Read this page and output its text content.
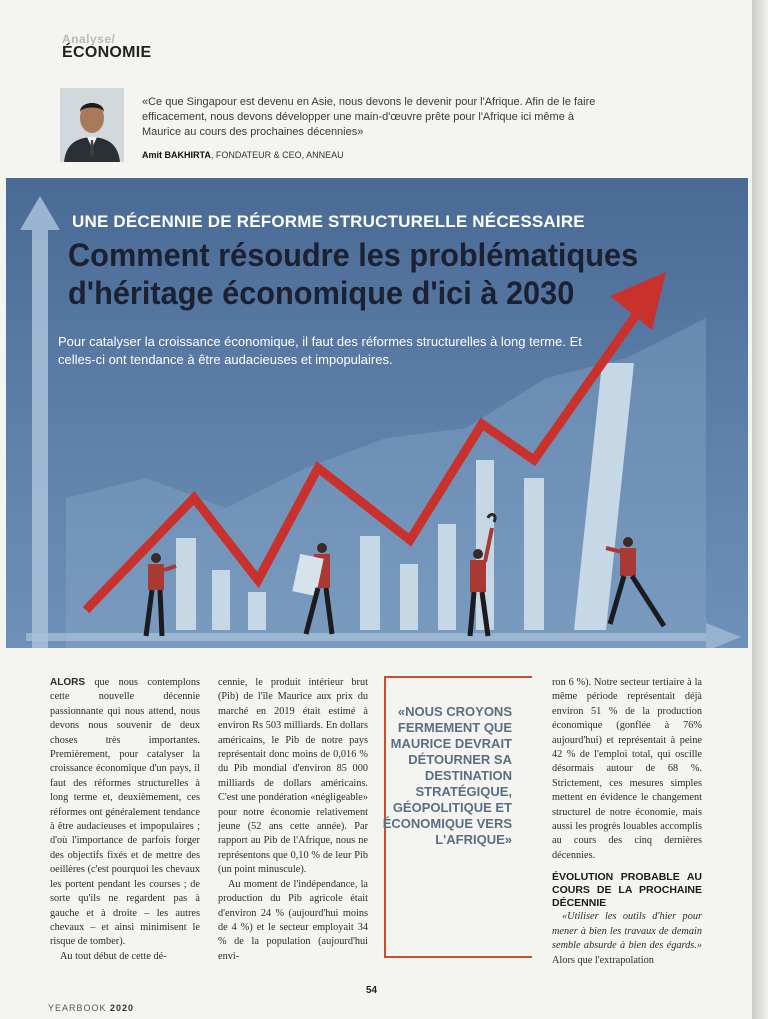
Analyse/
ÉCONOMIE
«Ce que Singapour est devenu en Asie, nous devons le devenir pour l'Afrique. Afin de le faire efficacement, nous devons développer une main-d'œuvre prête pour l'Afrique ici même à Maurice au cours des prochaines décennies»
Amit BAKHIRTA, FONDATEUR & CEO, ANNEAU
UNE DÉCENNIE DE RÉFORME STRUCTURELLE NÉCESSAIRE
Comment résoudre les problématiques d'héritage économique d'ici à 2030
Pour catalyser la croissance économique, il faut des réformes structurelles à long terme. Et celles-ci ont tendance à être audacieuses et impopulaires.

ALORS que nous contemplons cette nouvelle décennie passionnante qui nous attend, nous devons nous souvenir de deux choses très importantes. Premièrement, pour catalyser la croissance économique d'un pays, il faut des réformes structurelles à long terme et, deuxièmement, ces réformes ont généralement tendance à être audacieuses et impopulaires ; d'où l'importance de parfois forger des objectifs fixés et de mettre des oeillères (c'est pourquoi les chevaux les portent pendant les courses ; de sorte qu'ils ne regardent pas à gauche et à droite – les autres chevaux – et ainsi minimisent le risque de tomber).

Au tout début de cette dé-

cennie, le produit intérieur brut (Pib) de l'île Maurice aux prix du marché en 2019 était estimé à environ Rs 503 milliards. En dollars américains, le Pib de notre pays représentait donc moins de 0,016 % du Pib mondial d'environ 85 000 milliards de dollars américains. C'est une pondération «négligeable» pour notre économie relativement jeune (52 ans cette année). Par rapport au Pib de l'Afrique, nous ne représentons que 0,10 % de leur Pib (un point minuscule).

Au moment de l'indépendance, la production du Pib agricole était d'environ 24 % (aujourd'hui moins de 4 %) et le secteur employait 34 % de la population (aujourd'hui envi-

«NOUS CROYONS FERMEMENT QUE MAURICE DEVRAIT DÉTOURNER SA DESTINATION STRATÉGIQUE, GÉOPOLITIQUE ET ÉCONOMIQUE VERS L'AFRIQUE»

ron 6 %). Notre secteur tertiaire à la même période représentait déjà environ 51 % de la production économique (gonflée à 76% aujourd'hui) et représentait à peine 42 % de l'emploi total, qui oscille désormais autour de 68 %. Strictement, ces mesures simples mettent en évidence le changement structurel de notre économie, mais aussi les progrès louables accomplis au cours des cinq dernières décennies.

ÉVOLUTION PROBABLE AU COURS DE LA PROCHAINE DÉCENNIE

«Utiliser les outils d'hier pour mener à bien les travaux de demain semble absurde à bien des égards.» Alors que l'extrapolation

54
YEARBOOK 2020
